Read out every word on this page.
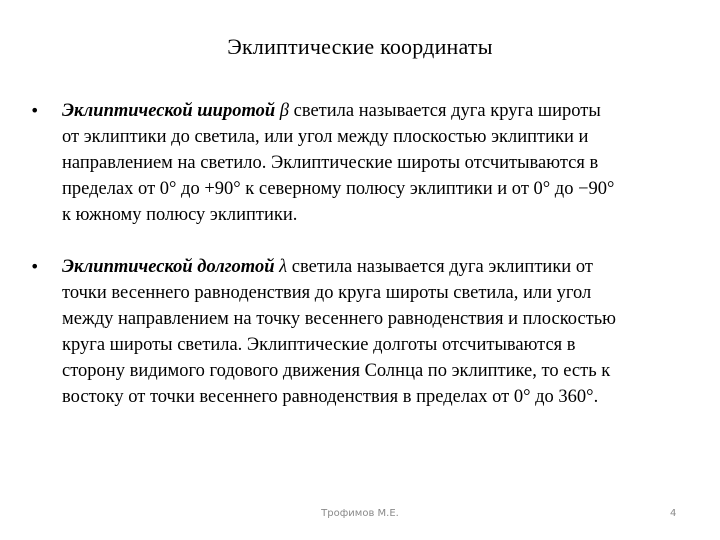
Эклиптические координаты
• Эклиптической широтой β светила называется дуга круга широты
от эклиптики до светила, или угол между плоскостью эклиптики и
направлением на светило. Эклиптические широты отсчитываются в
пределах от 0° до +90° к северному полюсу эклиптики и от 0° до −90°
к южному полюсу эклиптики.
• Эклиптической долготой λ светила называется дуга эклиптики от
точки весеннего равноденствия до круга широты светила, или угол
между направлением на точку весеннего равноденствия и плоскостью
круга широты светила. Эклиптические долготы отсчитываются в
сторону видимого годового движения Солнца по эклиптике, то есть к
востоку от точки весеннего равноденствия в пределах от 0° до 360°.
Трофимов М.Е.	4
